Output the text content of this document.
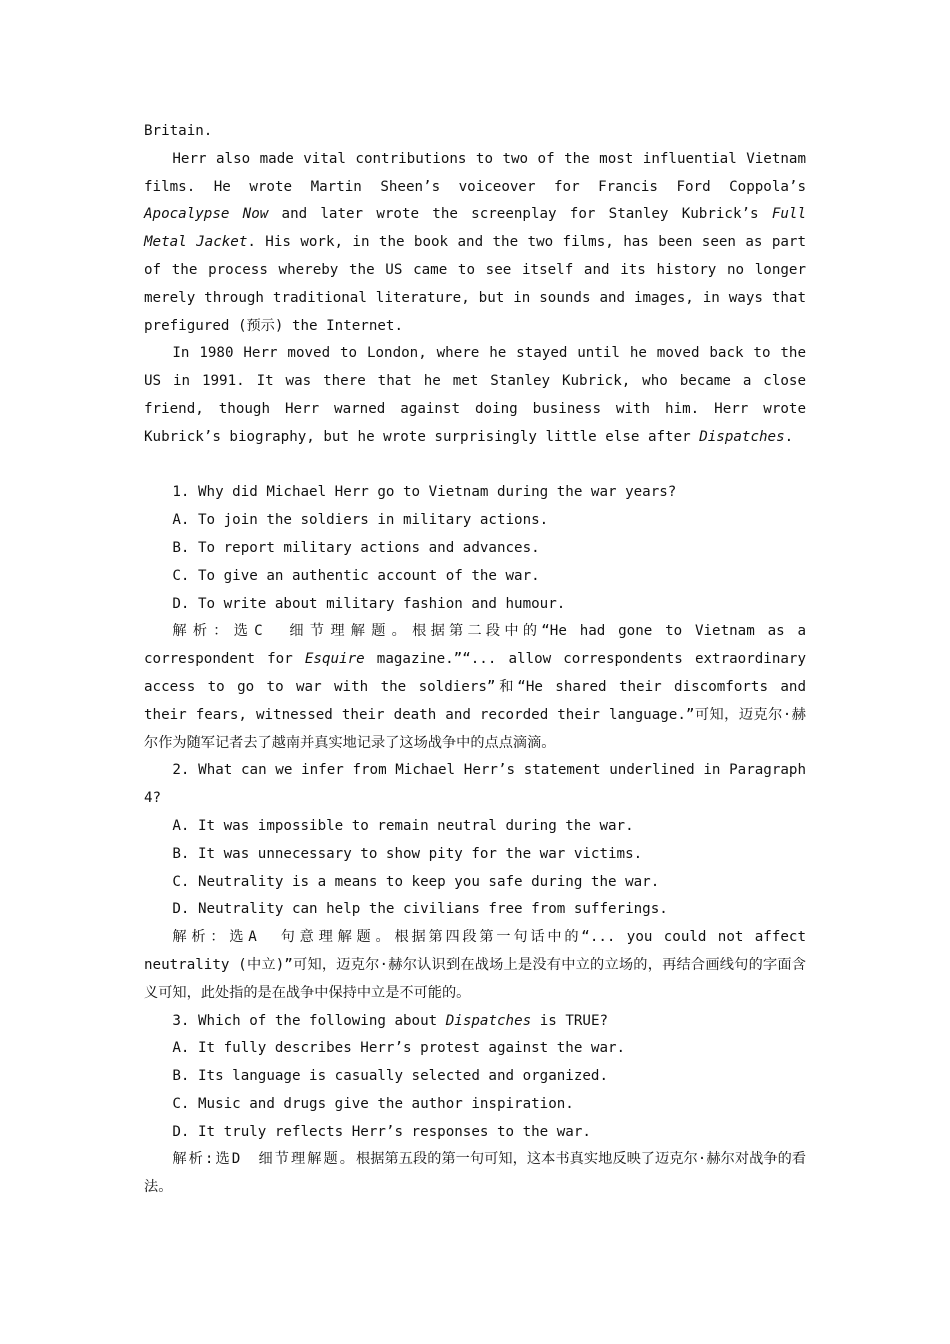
Britain.

Herr also made vital contributions to two of the most influential Vietnam films. He wrote Martin Sheen’s voiceover for Francis Ford Coppola’s Apocalypse Now and later wrote the screenplay for Stanley Kubrick’s Full Metal Jacket. His work, in the book and the two films, has been seen as part of the process whereby the US came to see itself and its history no longer merely through traditional literature, but in sounds and images, in ways that prefigured (预示) the Internet.

In 1980 Herr moved to London, where he stayed until he moved back to the US in 1991. It was there that he met Stanley Kubrick, who became a close friend, though Herr warned against doing business with him. Herr wrote Kubrick’s biography, but he wrote surprisingly little else after Dispatches.

1. Why did Michael Herr go to Vietnam during the war years?

A. To join the soldiers in military actions.

B. To report military actions and advances.

C. To give an authentic account of the war.

D. To write about military fashion and humour.

解析：选C　细节理解题。根据第二段中的“He had gone to Vietnam as a correspondent for Esquire magazine.”“... allow correspondents extraordinary access to go to war with the soldiers”和“He shared their discomforts and their fears, witnessed their death and recorded their language.”可知，迈克尔·赫尔作为随军记者去了越南并真实地记录了这场战争中的点点滴滴。

2. What can we infer from Michael Herr’s statement underlined in Paragraph 4?

A. It was impossible to remain neutral during the war.

B. It was unnecessary to show pity for the war victims.

C. Neutrality is a means to keep you safe during the war.

D. Neutrality can help the civilians free from sufferings.

解析：选A　句意理解题。根据第四段第一句话中的“... you could not affect neutrality (中立)”可知，迈克尔·赫尔认识到在战场上是没有中立的立场的，再结合画线句的字面含义可知，此处指的是在战争中保持中立是不可能的。

3. Which of the following about Dispatches is TRUE?

A. It fully describes Herr’s protest against the war.

B. Its language is casually selected and organized.

C. Music and drugs give the author inspiration.

D. It truly reflects Herr’s responses to the war.

解析:选D　细节理解题。根据第五段的第一句可知，这本书真实地反映了迈克尔·赫尔对战争的看法。
